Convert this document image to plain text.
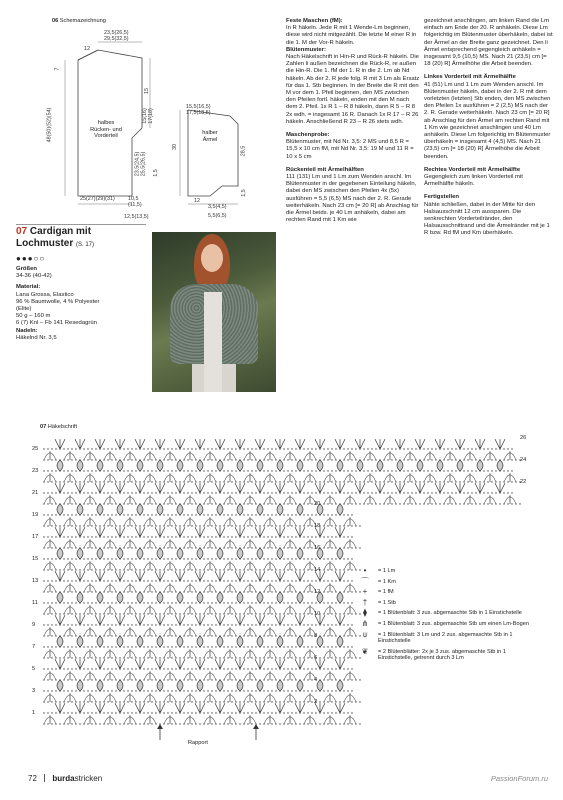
06 Schemazeichnung
23,5(26,5)
29,5(32,5)
12
7
15
15(16)
17(18)
48(50)(52)(54)
23,5(24,5)
25,5(26,5) 1,5
halbes
Rücken- und
Vorderteil
halber
Ärmel
25(27)(29)(31) 10,5
(11,5)
12,5(13,5)
15,5(16,5)
17,5(18,5)
30	28,5
12
3,5(4,5)
5,5(6,5)
1,5
07 Cardigan mit Lochmuster (S. 17)
●●●○○
Größen
34-36 (40-42)
Material:
Lana Grossa, Elastico
96 % Baumwolle, 4 % Polyester
(Elite)
50 g – 160 m
6 (7) Knl – Fb 141 Resedagrün
Nadeln:
Häkelnd Nr. 3,5
Feste Maschen (fM):
In R häkeln. Jede R mit 1 Wende-Lm beginnen, diese wird nicht mitgezählt. Die letzte M einer R in die 1. M der Vor-R häkeln.
Blütenmuster:
Nach Häkelschrift in Hin-R und Rück-R häkeln. Die Zahlen li außen bezeichnen die Rück-R, re außen die Hin-R. Die 1. fM der 1. R in die 2. Lm ab Nd häkeln. Ab der 2. R jede folg. R mit 3 Lm als Ersatz für das 1. Stb beginnen. In der Breite die R mit den M vor dem 1. Pfeil beginnen, den MS zwischen den Pfeilen fortl. häkeln, enden mit den M nach dem 2. Pfeil. 1x R 1 – R 8 häkeln, dann R 5 – R 8 2x wdh. = insgesamt 16 R. Danach 1x R 17 – R 26 häkeln. Anschließend R 23 – R 26 stets wdh.
Maschenprobe:
Blütenmuster, mit Nd Nr. 3,5: 2 MS und 8,5 R = 15,5 x 10 cm fM, mit Nd Nr. 3,5: 19 M und 11 R = 10 x 5 cm
Rückenteil mit Ärmelhälften
111 (131) Lm und 1 Lm zum Wenden anschl. Im Blütenmuster in der gegebenen Einteilung häkeln, dabei den MS zwischen den Pfeilen 4x (5x) ausführen = 5,5 (6,5) MS nach der 2. R. Gerade weiterhäkeln. Nach 23 cm [= 20 R] ab Anschlag für die Ärmel beids. je 40 Lm anhäkeln, dabei am rechten Rand mit 1 Km wie
gezeichnet anschlingen, am linken Rand die Lm einfach am Ende der 20. R anhäkeln. Diese Lm folgerichtig im Blütenmuster überhäkeln, dabei ist der Ärmel an der Breite ganz gezeichnet. Den li Ärmel entsprechend gegengleich anhäkeln = insgesamt 9,5 (10,5) MS. Nach 21 (23,5) cm [= 18 (20) R] Ärmelhöhe die Arbeit beenden.
Linkes Vorderteil mit Ärmelhälfte
41 (51) Lm und 1 Lm zum Wenden anschl. Im Blütenmuster häkeln, dabei in der 2. R mit dem vorletzten (letzten) Stb enden, den MS zwischen den Pfeilen 1x ausführen = 2 (2,5) MS nach der 2. R. Gerade weiterhäkeln. Nach 23 cm [= 20 R] ab Anschlag für den Ärmel am rechten Rand mit 1 Km wie gezeichnet anschlingen und 40 Lm anhäkeln. Diese Lm folgerichtig im Blütenmuster überhäkeln = insgesamt 4 (4,5) MS. Nach 21 (23,5) cm [= 18 (20) R] Ärmelhöhe die Arbeit beenden.
Rechtes Vorderteil mit Ärmelhälfte
Gegengleich zum linken Vorderteil mit Ärmelhälfte häkeln.
Fertigstellen
Nähte schließen, dabei in der Mitte für den Halsausschnitt 12 cm aussparen. Die senkrechten Vorderteilränder, den Halsausschnittrand und die Ärmelränder mit je 1 R bzw. Rd fM und Km überhäkeln.
07 Häkelschrift
25
23
21
19
17
15
13
11
9
7
5
3
1
Rapport
•	= 1 Lm
⌒	= 1 Km
+	= 1 fM
†	= 1 Stb
⧫	= 1 Blütenblatt: 3 zus. abgemaschte Stb in 1 Einstichstelle
⋔	= 1 Blütenblatt: 3 zus. abgemaschte Stb um einen Lm-Bogen
⍦	= 1 Blütenblatt: 3 Lm und 2 zus. abgemaschte Stb in 1 Einstichstelle
❦	= 2 Blütenblätter: 2x je 3 zus. abgemaschte Stb in 1 Einstichstelle, getrennt durch 3 Lm
72 burdastricken	PassionForum.ru
26
24
22
20
18
16
14
12
10
8
6
4
2
